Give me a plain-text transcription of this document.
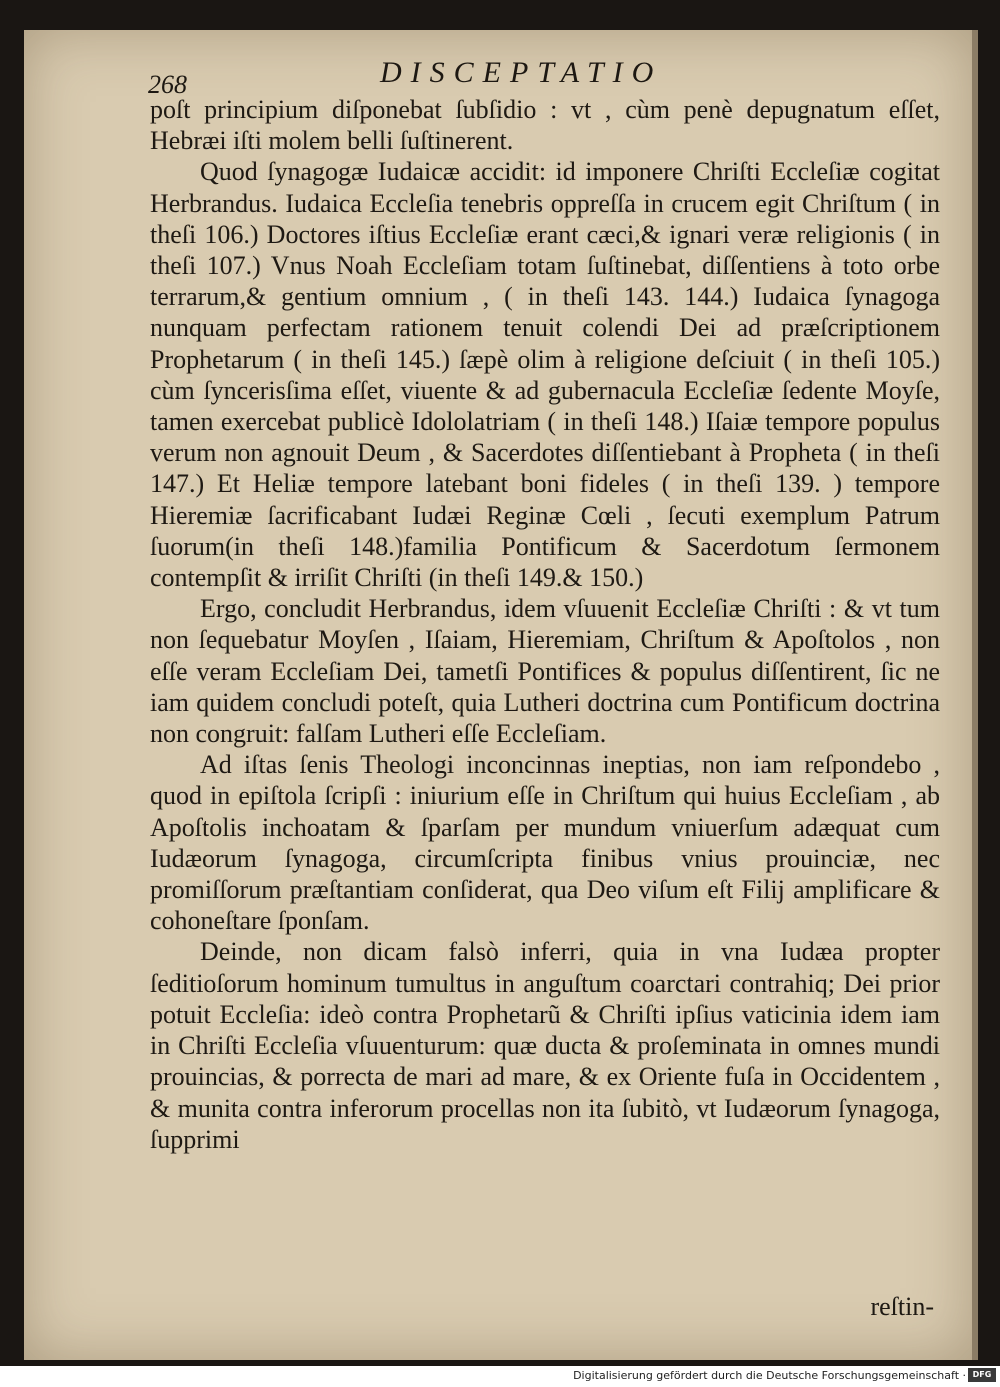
268	DISCEPTATIO

poſt principium diſponebat ſubſidio : vt , cùm penè depugnatum eſſet, Hebræi iſti molem belli ſuſtinerent.

Quod ſynagogæ Iudaicæ accidit: id imponere Chriſti Eccleſiæ cogitat Herbrandus. Iudaica Eccleſia tenebris oppreſſa in crucem egit Chriſtum ( in theſi 106.) Doctores iſtius Eccleſiæ erant cæci,& ignari veræ religionis ( in theſi 107.) Vnus Noah Eccleſiam totam ſuſtinebat, diſſentiens à toto orbe terrarum,& gentium omnium , ( in theſi 143. 144.) Iudaica ſynagoga nunquam perfectam rationem tenuit colendi Dei ad præſcriptionem Prophetarum ( in theſi 145.) ſæpè olim à religione deſciuit ( in theſi 105.) cùm ſyncerisſima eſſet, viuente & ad gubernacula Eccleſiæ ſedente Moyſe, tamen exercebat publicè Idololatriam ( in theſi 148.) Iſaiæ tempore populus verum non agnouit Deum , & Sacerdotes diſſentiebant à Propheta ( in theſi 147.) Et Heliæ tempore latebant boni fideles ( in theſi 139. ) tempore Hieremiæ ſacrificabant Iudæi Reginæ Cœli , ſecuti exemplum Patrum ſuorum(in theſi 148.)familia Pontificum & Sacerdotum ſermonem contempſit & irriſit Chriſti (in theſi 149.& 150.)

Ergo, concludit Herbrandus, idem vſuuenit Eccleſiæ Chriſti : & vt tum non ſequebatur Moyſen , Iſaiam, Hieremiam, Chriſtum & Apoſtolos , non eſſe veram Eccleſiam Dei, tametſi Pontifices & populus diſſentirent, ſic ne iam quidem concludi poteſt, quia Lutheri doctrina cum Pontificum doctrina non congruit: falſam Lutheri eſſe Eccleſiam.

Ad iſtas ſenis Theologi inconcinnas ineptias, non iam reſpondebo , quod in epiſtola ſcripſi : iniurium eſſe in Chriſtum qui huius Eccleſiam , ab Apoſtolis inchoatam & ſparſam per mundum vniuerſum adæquat cum Iudæorum ſynagoga, circumſcripta finibus vnius prouinciæ, nec promiſſorum præſtantiam conſiderat, qua Deo viſum eſt Filij amplificare & cohoneſtare ſponſam.

Deinde, non dicam falsò inferri, quia in vna Iudæa propter ſeditioſorum hominum tumultus in anguſtum coarctari contrahiq; Dei prior potuit Eccleſia: ideò contra Prophetarũ & Chriſti ipſius vaticinia idem iam in Chriſti Eccleſia vſuuenturum: quæ ducta & proſeminata in omnes mundi prouincias, & porrecta de mari ad mare, & ex Oriente fuſa in Occidentem , & munita contra inferorum procellas non ita ſubitò, vt Iudæorum ſynagoga, ſupprimi

reſtin-
Digitalisierung gefördert durch die Deutsche Forschungsgemeinschaft · DFG
